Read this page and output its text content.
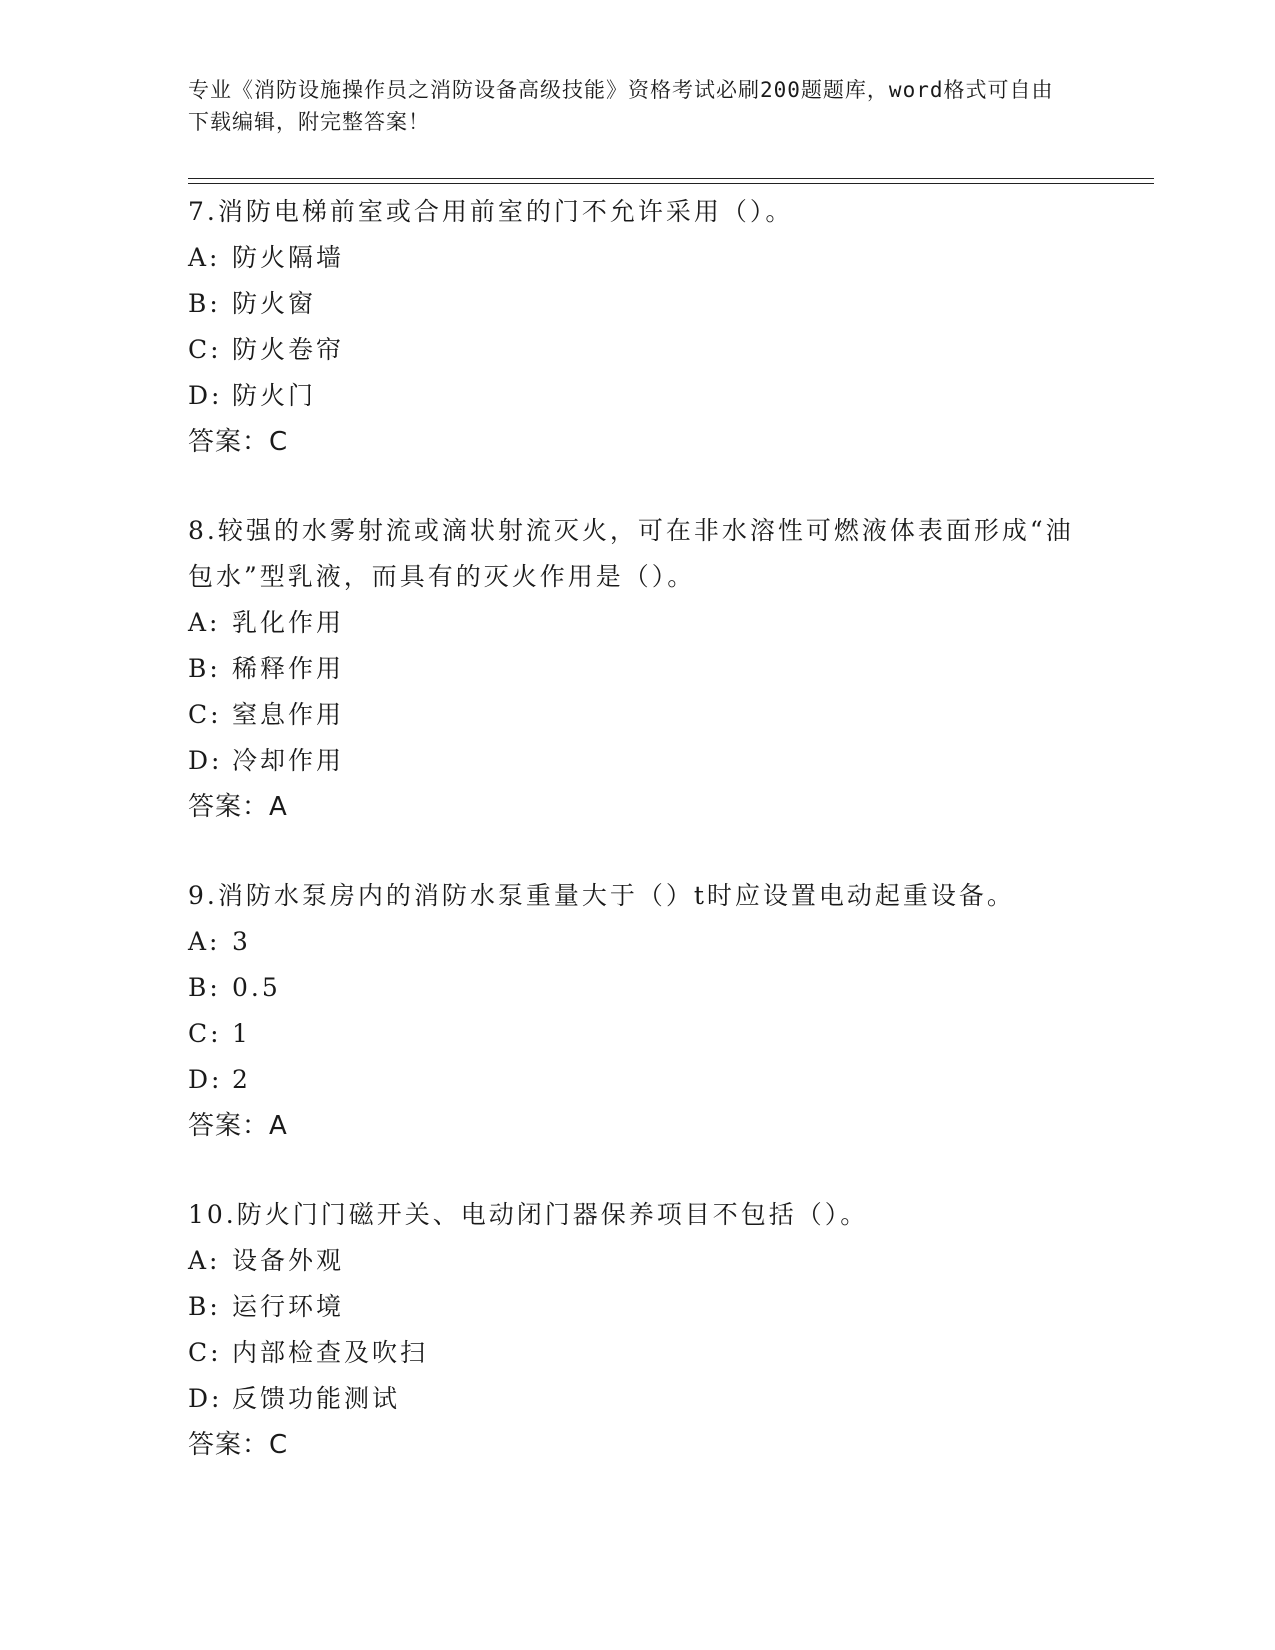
专业《消防设施操作员之消防设备高级技能》资格考试必刷200题题库，word格式可自由下载编辑，附完整答案！
7.消防电梯前室或合用前室的门不允许采用（）。
A: 防火隔墙
B: 防火窗
C: 防火卷帘
D: 防火门
答案：C
8.较强的水雾射流或滴状射流灭火，可在非水溶性可燃液体表面形成“油包水”型乳液，而具有的灭火作用是（）。
A: 乳化作用
B: 稀释作用
C: 窒息作用
D: 冷却作用
答案：A
9.消防水泵房内的消防水泵重量大于（）t时应设置电动起重设备。
A: 3
B: 0.5
C: 1
D: 2
答案：A
10.防火门门磁开关、电动闭门器保养项目不包括（）。
A: 设备外观
B: 运行环境
C: 内部检查及吹扫
D: 反馈功能测试
答案：C
